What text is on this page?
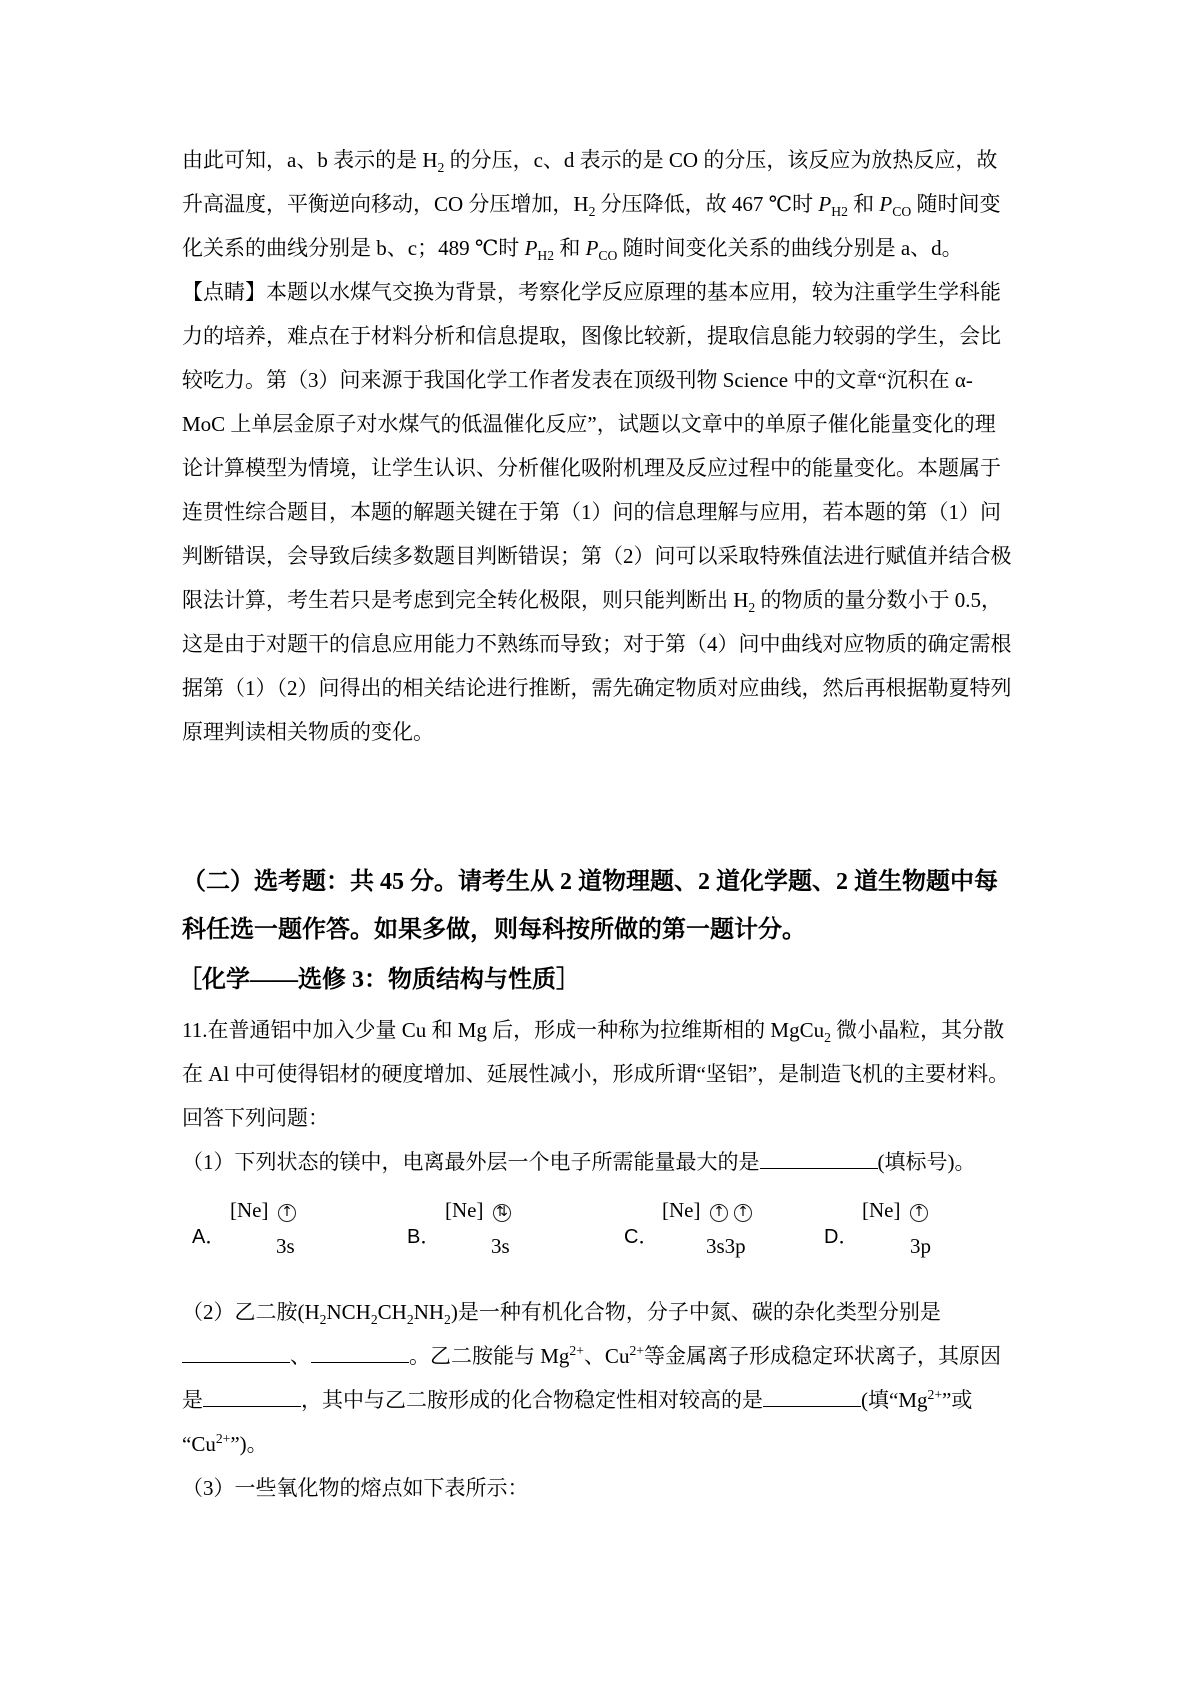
由此可知，a、b 表示的是 $H_2$ 的分压，c、d 表示的是 CO 的分压，该反应为放热反应，故
升高温度，平衡逆向移动，CO 分压增加，$H_2$ 分压降低，故 467 ℃时 $P_{H2}$ 和 $P_{CO}$ 随时间变
化关系的曲线分别是 b、c；489 ℃时 $P_{H2}$ 和 $P_{CO}$ 随时间变化关系的曲线分别是 a、d。
【点睛】本题以水煤气交换为背景，考察化学反应原理的基本应用，较为注重学生学科能
力的培养，难点在于材料分析和信息提取，图像比较新，提取信息能力较弱的学生，会比
较吃力。第（3）问来源于我国化学工作者发表在顶级刊物 Science 中的文章“沉积在 α-
MoC 上单层金原子对水煤气的低温催化反应”，试题以文章中的单原子催化能量变化的理
论计算模型为情境，让学生认识、分析催化吸附机理及反应过程中的能量变化。本题属于
连贯性综合题目，本题的解题关键在于第（1）问的信息理解与应用，若本题的第（1）问
判断错误，会导致后续多数题目判断错误；第（2）问可以采取特殊值法进行赋值并结合极
限法计算，考生若只是考虑到完全转化极限，则只能判断出 $H_2$ 的物质的量分数小于 0.5，
这是由于对题干的信息应用能力不熟练而导致；对于第（4）问中曲线对应物质的确定需根
据第（1）（2）问得出的相关结论进行推断，需先确定物质对应曲线，然后再根据勒夏特列
原理判读相关物质的变化。
（二）选考题：共 45 分。请考生从 2 道物理题、2 道化学题、2 道生物题中每
科任选一题作答。如果多做，则每科按所做的第一题计分。
［化学——选修 3：物质结构与性质］
11.在普通铝中加入少量 Cu 和 Mg 后，形成一种称为拉维斯相的 MgCu$_2$ 微小晶粒，其分散
在 Al 中可使得铝材的硬度增加、延展性减小，形成所谓“坚铝”，是制造飞机的主要材料。
回答下列问题：
（1）下列状态的镁中，电离最外层一个电子所需能量最大的是	(填标号)。
A．
[Ne] ↑
3s	B．
[Ne] ⇅
3s	C．
[Ne] ↑ ↑
3s3p	D．
[Ne] ↑
3p
（2）乙二胺$(H_2NCH_2CH_2NH_2)$是一种有机化合物，分子中氮、碳的杂化类型分别是
、	。乙二胺能与 $Mg^{2+}$、$Cu^{2+}$等金属离子形成稳定环状离子，其原因
是	，其中与乙二胺形成的化合物稳定性相对较高的是	(填“$Mg^{2+}$”或
“$Cu^{2+}$”)。
（3）一些氧化物的熔点如下表所示：
